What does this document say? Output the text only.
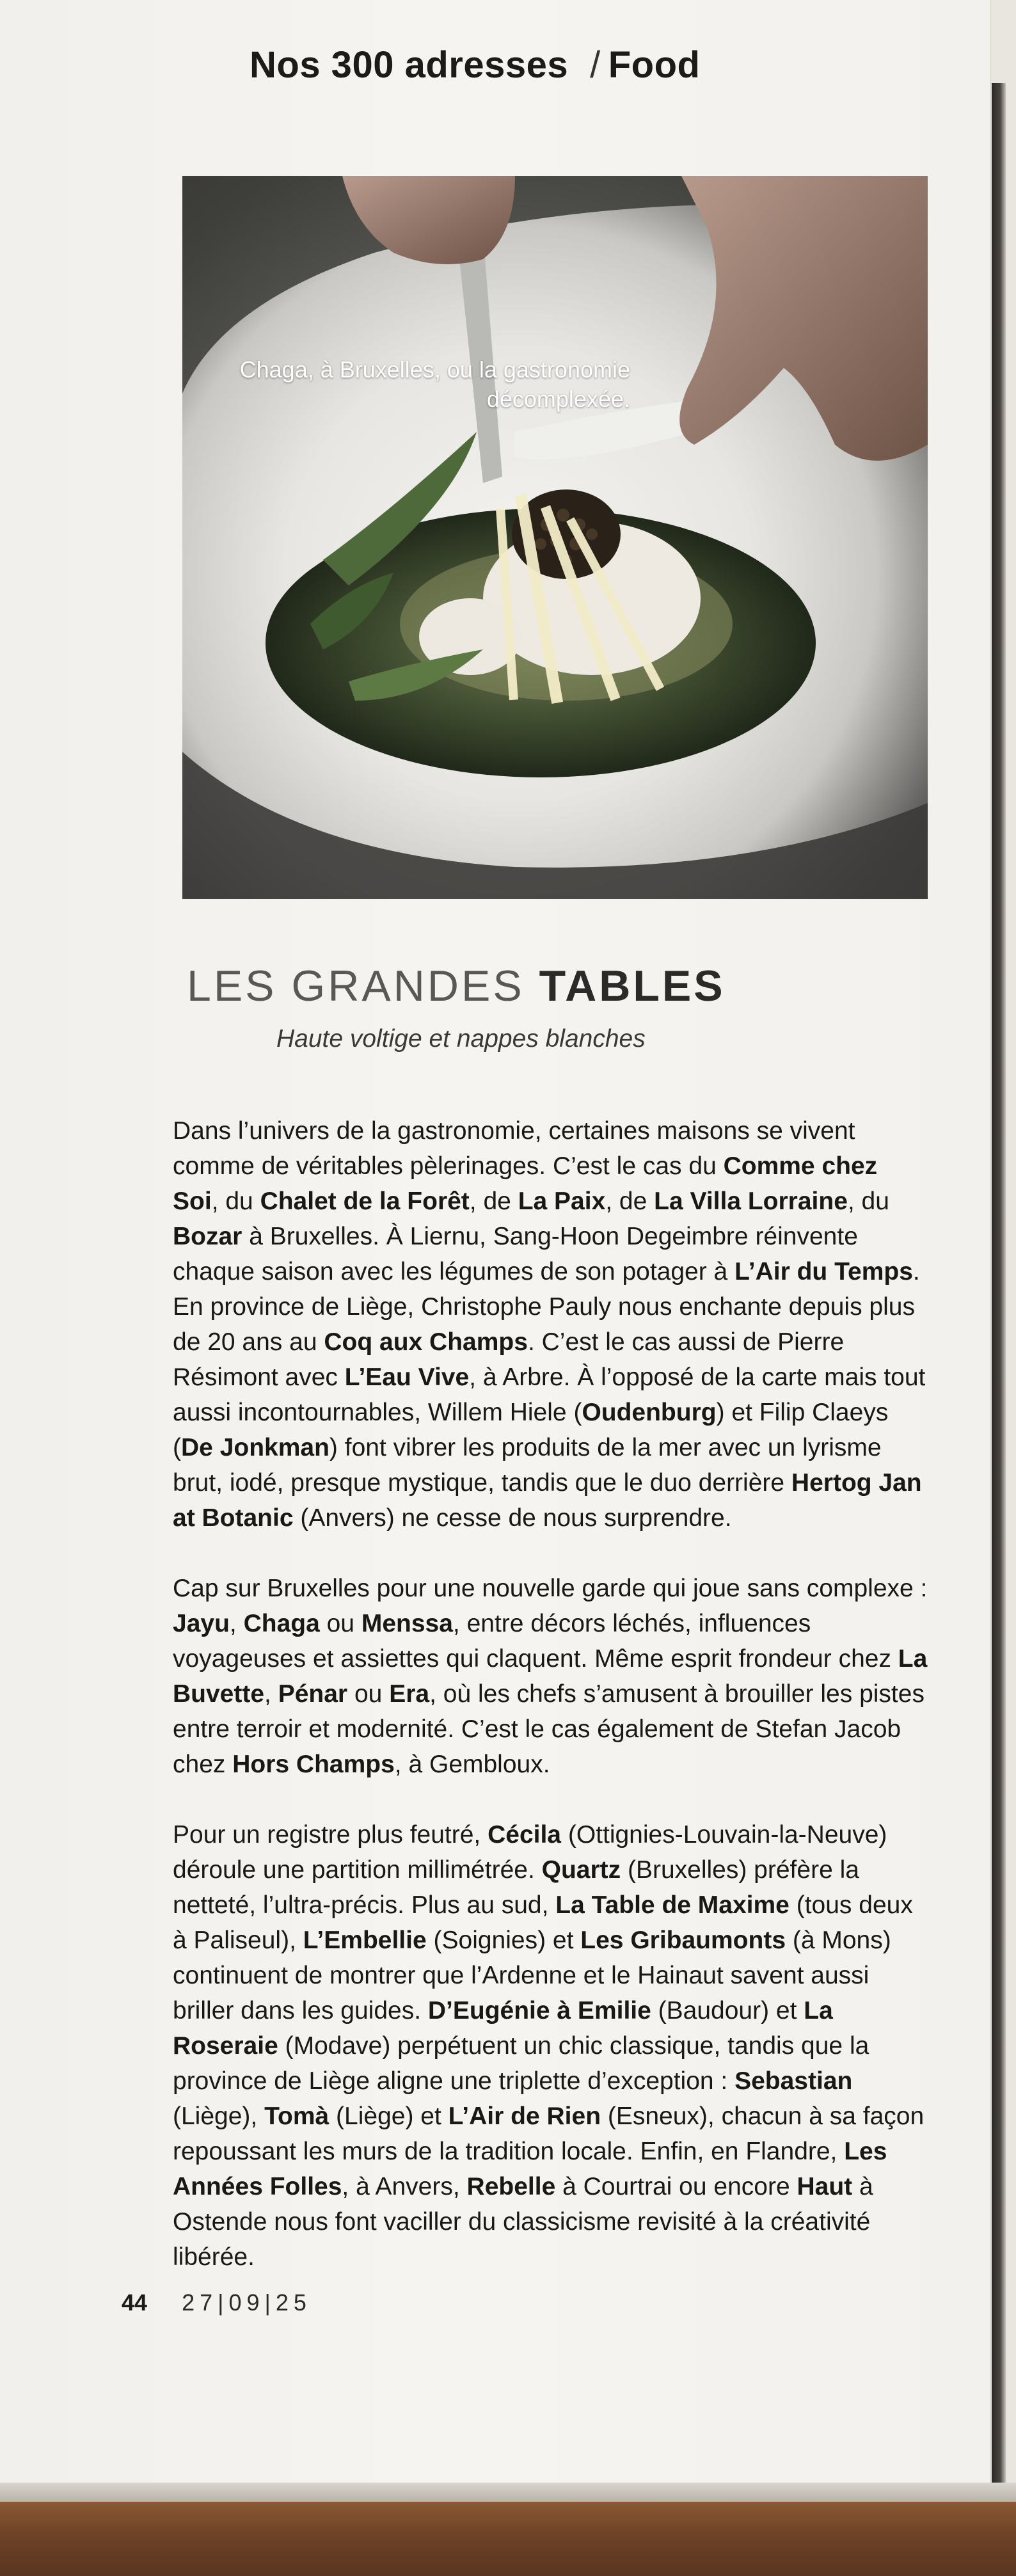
Nos 300 adresses / Food
Chaga, à Bruxelles, ou la gastronomie décomplexée.
LES GRANDES TABLES
Haute voltige et nappes blanches

Dans l’univers de la gastronomie, certaines maisons se vivent comme de véritables pèlerinages. C’est le cas du Comme chez Soi, du Chalet de la Forêt, de La Paix, de La Villa Lorraine, du Bozar à Bruxelles. À Liernu, Sang-Hoon Degeimbre réinvente chaque saison avec les légumes de son potager à L’Air du Temps. En province de Liège, Christophe Pauly nous enchante depuis plus de 20 ans au Coq aux Champs. C’est le cas aussi de Pierre Résimont avec L’Eau Vive, à Arbre. À l’opposé de la carte mais tout aussi incontournables, Willem Hiele (Oudenburg) et Filip Claeys (De Jonkman) font vibrer les produits de la mer avec un lyrisme brut, iodé, presque mystique, tandis que le duo derrière Hertog Jan at Botanic (Anvers) ne cesse de nous surprendre.

Cap sur Bruxelles pour une nouvelle garde qui joue sans complexe : Jayu, Chaga ou Menssa, entre décors léchés, influences voyageuses et assiettes qui claquent. Même esprit frondeur chez La Buvette, Pénar ou Era, où les chefs s’amusent à brouiller les pistes entre terroir et modernité. C’est le cas également de Stefan Jacob chez Hors Champs, à Gembloux.

Pour un registre plus feutré, Cécila (Ottignies-Louvain-la-Neuve) déroule une partition millimétrée. Quartz (Bruxelles) préfère la netteté, l’ultra-précis. Plus au sud, La Table de Maxime (tous deux à Paliseul), L’Embellie (Soignies) et Les Gribaumonts (à Mons) continuent de montrer que l’Ardenne et le Hainaut savent aussi briller dans les guides. D’Eugénie à Emilie (Baudour) et La Roseraie (Modave) perpétuent un chic classique, tandis que la province de Liège aligne une triplette d’exception : Sebastian (Liège), Tomà (Liège) et L’Air de Rien (Esneux), chacun à sa façon repoussant les murs de la tradition locale. Enfin, en Flandre, Les Années Folles, à Anvers, Rebelle à Courtrai ou encore Haut à Ostende nous font vaciller du classicisme revisité à la créativité libérée.

44 27|09|25
